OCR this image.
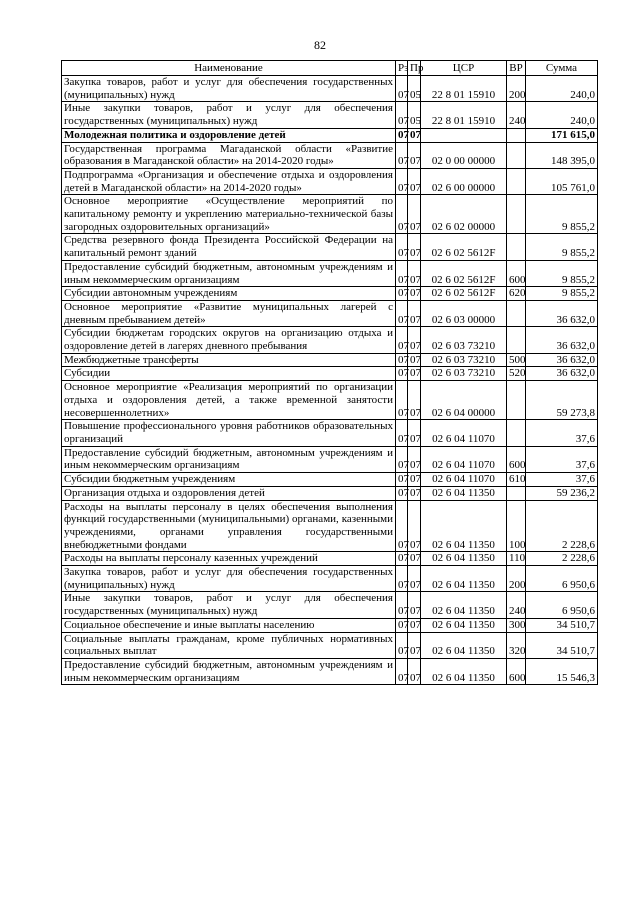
82
Наименование	Рз	Пр	ЦСР	ВР	Сумма
Закупка товаров, работ и услуг для обеспечения государственных (муниципальных) нужд	07	05	22 8 01 15910	200	240,0
Иные закупки товаров, работ и услуг для обеспечения государственных (муниципальных) нужд	07	05	22 8 01 15910	240	240,0
Молодежная политика и оздоровление детей	07	07			171 615,0
Государственная программа Магаданской области «Развитие образования в Магаданской области» на 2014-2020 годы»	07	07	02 0 00 00000		148 395,0
Подпрограмма «Организация и обеспечение отдыха и оздоровления детей в Магаданской области» на 2014-2020 годы»	07	07	02 6 00 00000		105 761,0
Основное мероприятие «Осуществление мероприятий по капитальному ремонту и укреплению материально-технической базы загородных оздоровительных организаций»	07	07	02 6 02 00000		9 855,2
Средства резервного фонда Президента Российской Федерации на капитальный ремонт зданий	07	07	02 6 02 5612F		9 855,2
Предоставление субсидий бюджетным, автономным учреждениям и иным некоммерческим организациям	07	07	02 6 02 5612F	600	9 855,2
Субсидии автономным учреждениям	07	07	02 6 02 5612F	620	9 855,2
Основное мероприятие «Развитие муниципальных лагерей с дневным пребыванием детей»	07	07	02 6 03 00000		36 632,0
Субсидии бюджетам городских округов на организацию отдыха и оздоровление детей в лагерях дневного пребывания	07	07	02 6 03 73210		36 632,0
Межбюджетные трансферты	07	07	02 6 03 73210	500	36 632,0
Субсидии	07	07	02 6 03 73210	520	36 632,0
Основное мероприятие «Реализация мероприятий по организации отдыха и оздоровления детей, а также временной занятости несовершеннолетних»	07	07	02 6 04 00000		59 273,8
Повышение профессионального уровня работников образовательных организаций	07	07	02 6 04 11070		37,6
Предоставление субсидий бюджетным, автономным учреждениям и иным некоммерческим организациям	07	07	02 6 04 11070	600	37,6
Субсидии бюджетным учреждениям	07	07	02 6 04 11070	610	37,6
Организация отдыха и оздоровления детей	07	07	02 6 04 11350		59 236,2
Расходы на выплаты персоналу в целях обеспечения выполнения функций государственными (муниципальными) органами, казенными учреждениями, органами управления государственными внебюджетными фондами	07	07	02 6 04 11350	100	2 228,6
Расходы на выплаты персоналу казенных учреждений	07	07	02 6 04 11350	110	2 228,6
Закупка товаров, работ и услуг для обеспечения государственных (муниципальных) нужд	07	07	02 6 04 11350	200	6 950,6
Иные закупки товаров, работ и услуг для обеспечения государственных (муниципальных) нужд	07	07	02 6 04 11350	240	6 950,6
Социальное обеспечение и иные выплаты населению	07	07	02 6 04 11350	300	34 510,7
Социальные выплаты гражданам, кроме публичных нормативных социальных выплат	07	07	02 6 04 11350	320	34 510,7
Предоставление субсидий бюджетным, автономным учреждениям и иным некоммерческим организациям	07	07	02 6 04 11350	600	15 546,3
